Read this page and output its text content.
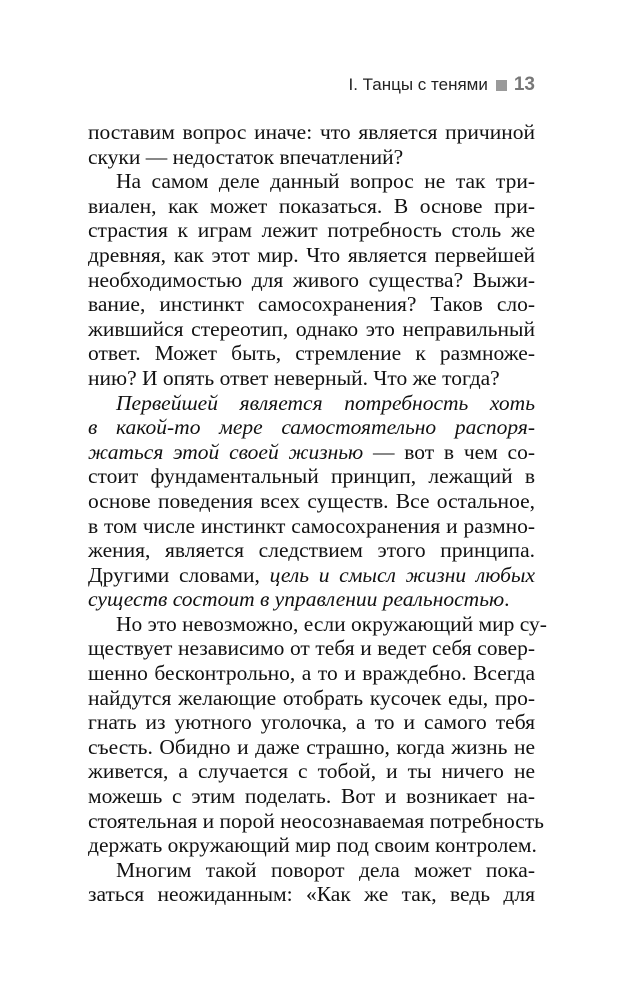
I. Танцы с тенями 13
поставим вопрос иначе: что является причиной
скуки — недостаток впечатлений?
На самом деле данный вопрос не так три-
виален, как может показаться. В основе при-
страстия к играм лежит потребность столь же
древняя, как этот мир. Что является первейшей
необходимостью для живого существа? Выжи-
вание, инстинкт самосохранения? Таков сло-
жившийся стереотип, однако это неправильный
ответ. Может быть, стремление к размноже-
нию? И опять ответ неверный. Что же тогда?
Первейшей является потребность хоть
в какой-то мере самостоятельно распоря-
жаться этой своей жизнью — вот в чем со-
стоит фундаментальный принцип, лежащий в
основе поведения всех существ. Все остальное,
в том числе инстинкт самосохранения и размно-
жения, является следствием этого принципа.
Другими словами, цель и смысл жизни любых
существ состоит в управлении реальностью.
Но это невозможно, если окружающий мир су-
ществует независимо от тебя и ведет себя совер-
шенно бесконтрольно, а то и враждебно. Всегда
найдутся желающие отобрать кусочек еды, про-
гнать из уютного уголочка, а то и самого тебя
съесть. Обидно и даже страшно, когда жизнь не
живется, а случается с тобой, и ты ничего не
можешь с этим поделать. Вот и возникает на-
стоятельная и порой неосознаваемая потребность
держать окружающий мир под своим контролем.
Многим такой поворот дела может пока-
заться неожиданным: «Как же так, ведь для
